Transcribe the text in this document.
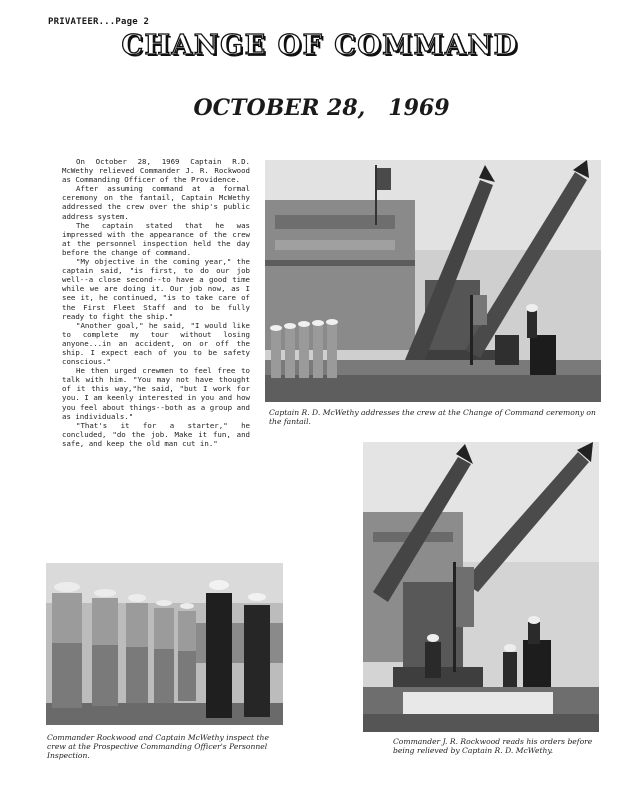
PRIVATEER...Page 2
CHANGE OF COMMAND
OCTOBER 28,   1969

On October 28, 1969 Captain R.D. McWethy relieved Commander J. R. Rockwood as Commanding Officer of the Providence.

After assuming command at a formal ceremony on the fantail, Captain McWethy addressed the crew over the ship's public address system.

The captain stated that he was impressed with the appearance of the crew at the personnel inspection held the day before the change of command.

"My objective in the coming year," the captain said, "is first, to do our job well--a close second--to have a good time while we are doing it. Our job now, as I see it, he continued, "is to take care of the First Fleet Staff and to be fully ready to fight the ship."

"Another goal," he said, "I would like to complete my tour without losing anyone...in an accident, on or off the ship. I expect each of you to be safety conscious."

He then urged crewmen to feel free to talk with him. "You may not have thought of it this way,"he said, "but I work for you. I am keenly interested in you and how you feel about things--both as a group and as individuals."

"That's it for a starter," he concluded, "do the job. Make it fun, and safe, and keep the old man cut in."

Captain R. D. McWethy addresses the crew at the Change of Command ceremony on the fantail.
Commander J. R. Rockwood reads his orders before being relieved by Captain R. D. McWethy.
Commander Rockwood and Captain McWethy inspect the crew at the Prospective Commanding Officer's Personnel Inspection.
